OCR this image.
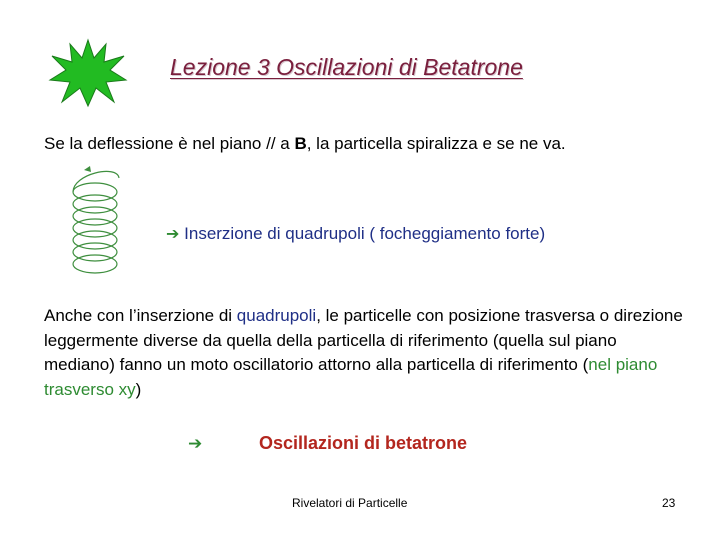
Lezione 3 Oscillazioni di Betatrone
Se la deflessione è nel piano // a B, la particella spiralizza e se ne va.
➔ Inserzione di quadrupoli ( focheggiamento forte)
Anche con l’inserzione di quadrupoli, le particelle con posizione trasversa o direzione leggermente diverse da quella della particella di riferimento (quella sul piano mediano) fanno un moto oscillatorio attorno alla particella di riferimento (nel piano trasverso xy)
➔	Oscillazioni di betatrone
Rivelatori di Particelle	23
